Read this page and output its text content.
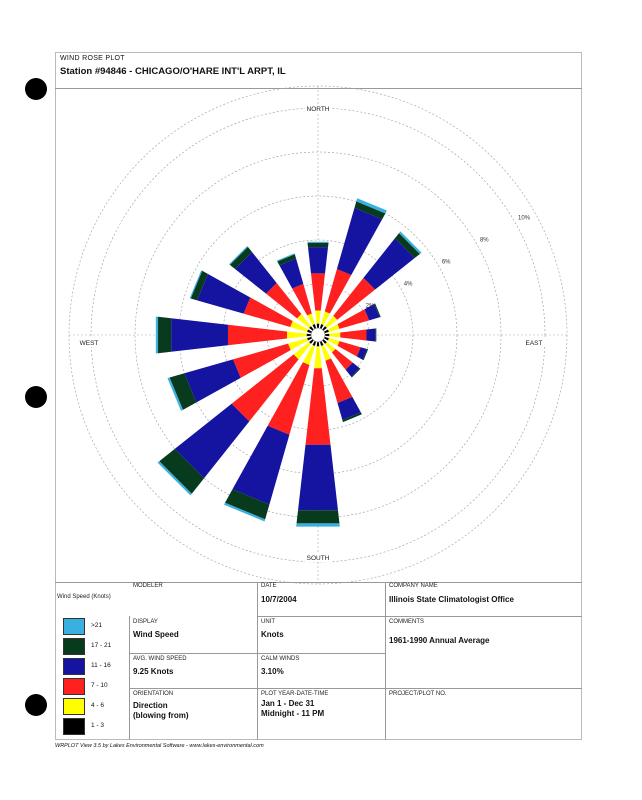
WIND ROSE PLOT
Station #94846 - CHICAGO/O'HARE INT'L ARPT, IL
2%
4%
6%
8%
10%
NORTH
SOUTH
WEST	EAST
MODELER
Wind Speed (Knots)
>21
17 - 21
11 - 16
7 - 10
4 - 6
1 - 3
DISPLAY
Wind Speed
AVG. WIND SPEED
9.25 Knots
ORIENTATION
Direction
(blowing from)
DATE
10/7/2004
UNIT
Knots
CALM WINDS
3.10%
PLOT YEAR-DATE-TIME
Jan 1 - Dec 31
Midnight - 11 PM
COMPANY NAME
Illinois State Climatologist Office
COMMENTS
1961-1990 Annual Average
PROJECT/PLOT NO.
WRPLOT View 3.5 by Lakes Environmental Software - www.lakes-environmental.com
